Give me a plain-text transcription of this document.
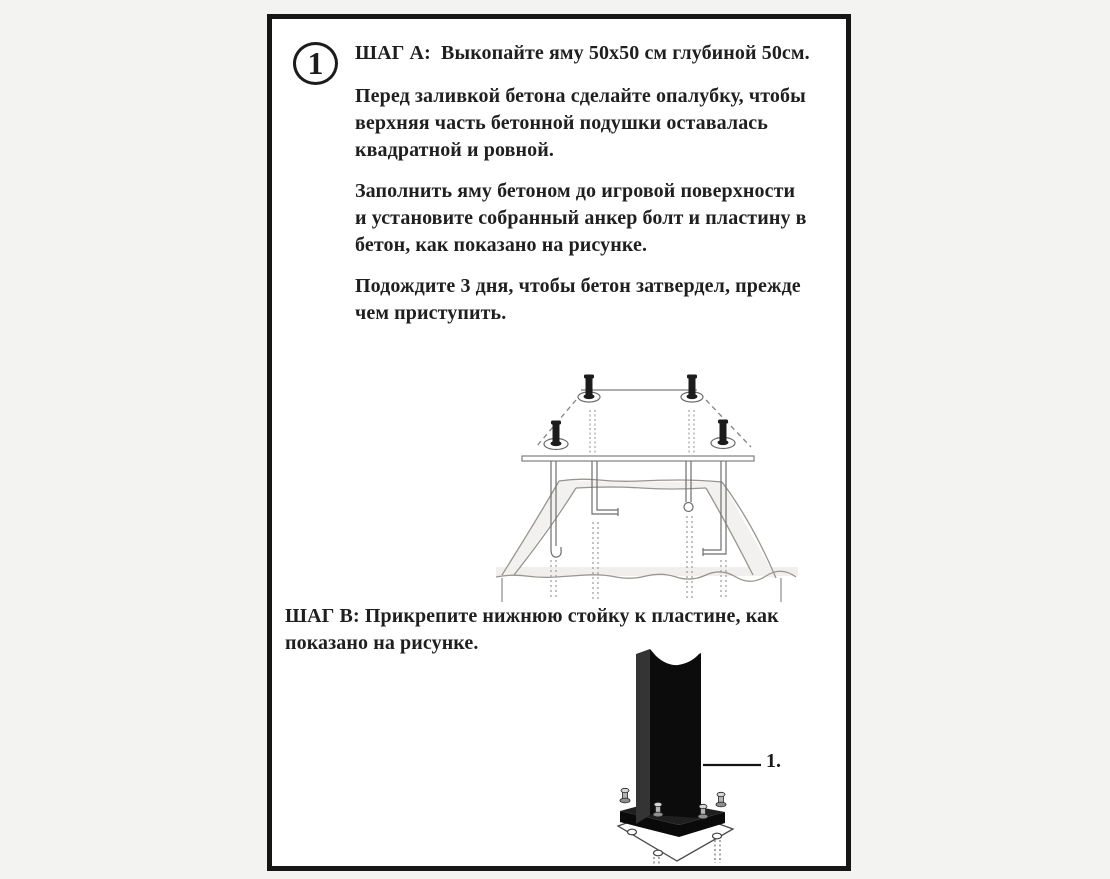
1 ШАГ А:  Выкопайте яму 50x50 см глубиной 50см.
Перед заливкой бетона сделайте опалубку, чтобы
верхняя часть бетонной подушки оставалась
квадратной и ровной.
Заполнить яму бетоном до игровой поверхности
и установите собранный анкер болт и пластину в
бетон, как показано на рисунке.
Подождите 3 дня, чтобы бетон затвердел, прежде
чем приступить.
ШАГ В: Прикрепите нижнюю стойку к пластине, как
показано на рисунке.
1.
